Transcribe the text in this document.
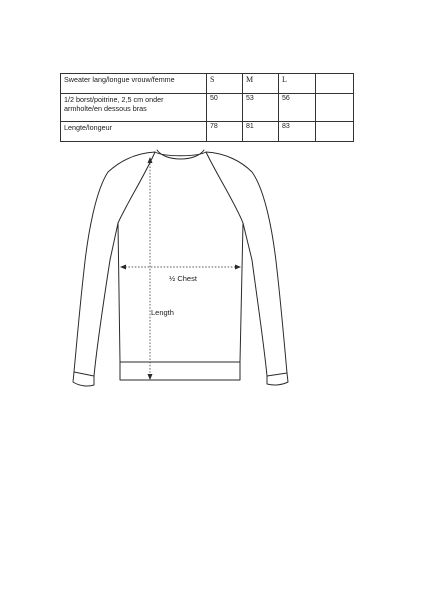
Sweater lang/longue vrouw/femme	S	M	L	
1/2 borst/poitrine, 2,5 cm onder armholte/en dessous bras	50	53	56	
Lengte/longeur	78	81	83	
½ Chest
Length
